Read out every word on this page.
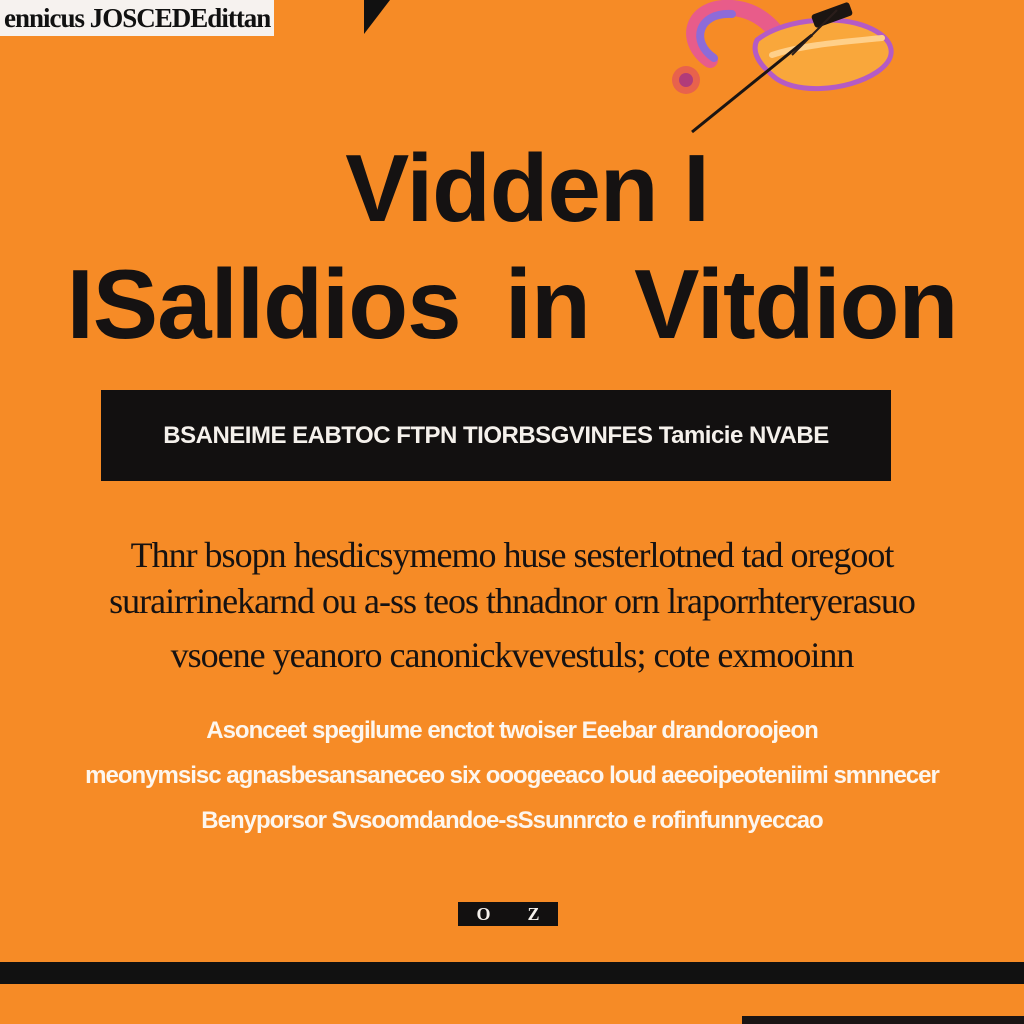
ennicus JOSCEDEdittan
Vidden I
ISalldios in Vitdion
BSANEIME EABTOC FTPN TIORBSGVINFES Tamicie NVABE
Thnr bsopn hesdicsymemo huse sesterlotned tad oregoot
surairrinekarnd ou a-ss teos thnadnor orn lraporrhteryerasuo
vsoene yeanoro canonickvevestuls; cote exmooinn
Asonceet spegilume enctot twoiser Eeebar drandoroojeon
meonymsisc agnasbesansaneceo six ooogeeaco loud aeeoipeoteniimi smnnecer
Benyporsor Svsoomdandoe-sSsunnrcto e rofinfunnyeccao
O Z
